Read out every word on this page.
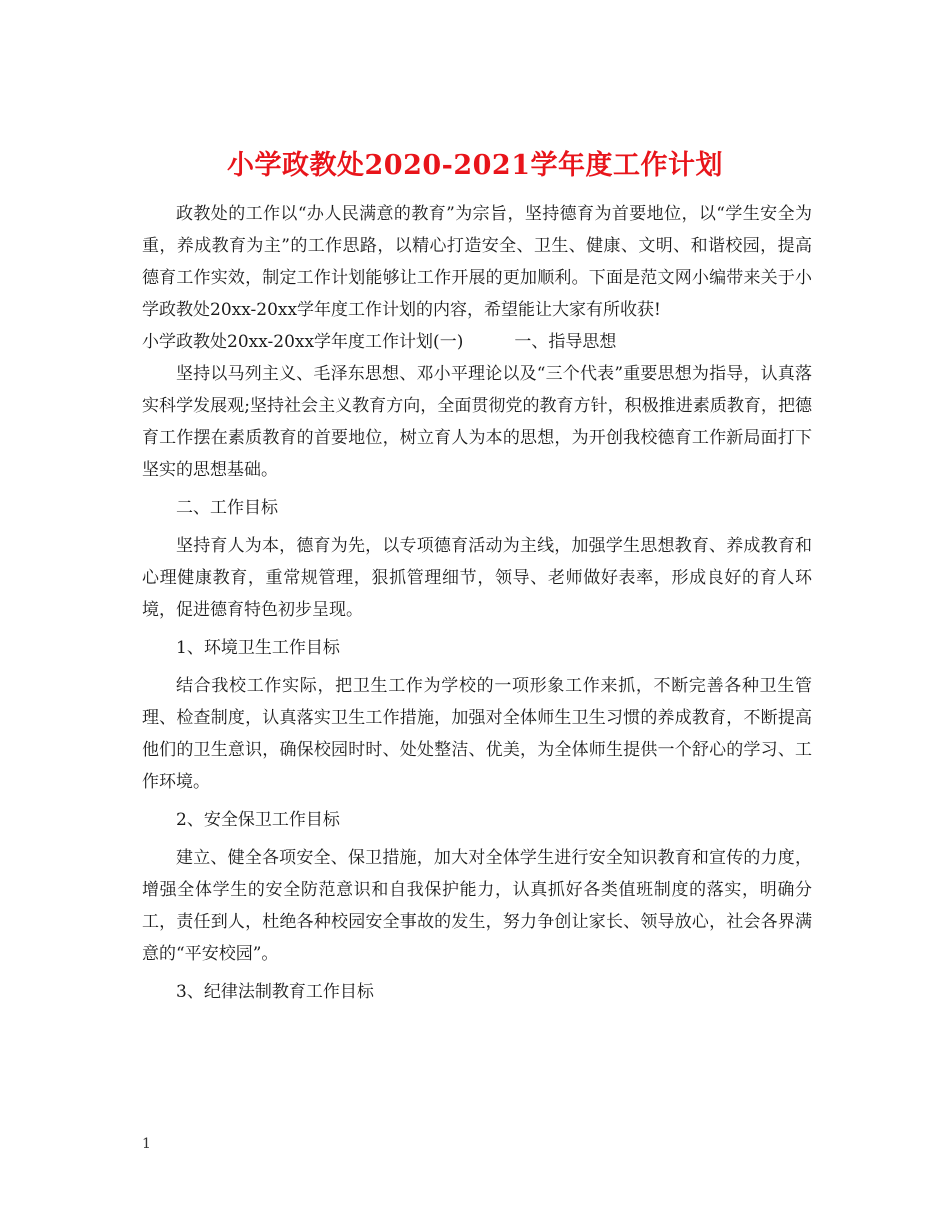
小学政教处2020-2021学年度工作计划

政教处的工作以“办人民满意的教育”为宗旨，坚持德育为首要地位，以“学生安全为重，养成教育为主”的工作思路，以精心打造安全、卫生、健康、文明、和谐校园，提高德育工作实效，制定工作计划能够让工作开展的更加顺利。下面是范文网小编带来关于小学政教处20xx-20xx学年度工作计划的内容，希望能让大家有所收获!

小学政教处20xx-20xx学年度工作计划(一)　　　一、指导思想

坚持以马列主义、毛泽东思想、邓小平理论以及“三个代表”重要思想为指导，认真落实科学发展观;坚持社会主义教育方向，全面贯彻党的教育方针，积极推进素质教育，把德育工作摆在素质教育的首要地位，树立育人为本的思想，为开创我校德育工作新局面打下坚实的思想基础。

二、工作目标

坚持育人为本，德育为先，以专项德育活动为主线，加强学生思想教育、养成教育和心理健康教育，重常规管理，狠抓管理细节，领导、老师做好表率，形成良好的育人环境，促进德育特色初步呈现。

1、环境卫生工作目标

结合我校工作实际，把卫生工作为学校的一项形象工作来抓，不断完善各种卫生管理、检查制度，认真落实卫生工作措施，加强对全体师生卫生习惯的养成教育，不断提高他们的卫生意识，确保校园时时、处处整洁、优美，为全体师生提供一个舒心的学习、工作环境。

2、安全保卫工作目标

建立、健全各项安全、保卫措施，加大对全体学生进行安全知识教育和宣传的力度，增强全体学生的安全防范意识和自我保护能力，认真抓好各类值班制度的落实，明确分工，责任到人，杜绝各种校园安全事故的发生，努力争创让家长、领导放心，社会各界满意的“平安校园”。

3、纪律法制教育工作目标

1
